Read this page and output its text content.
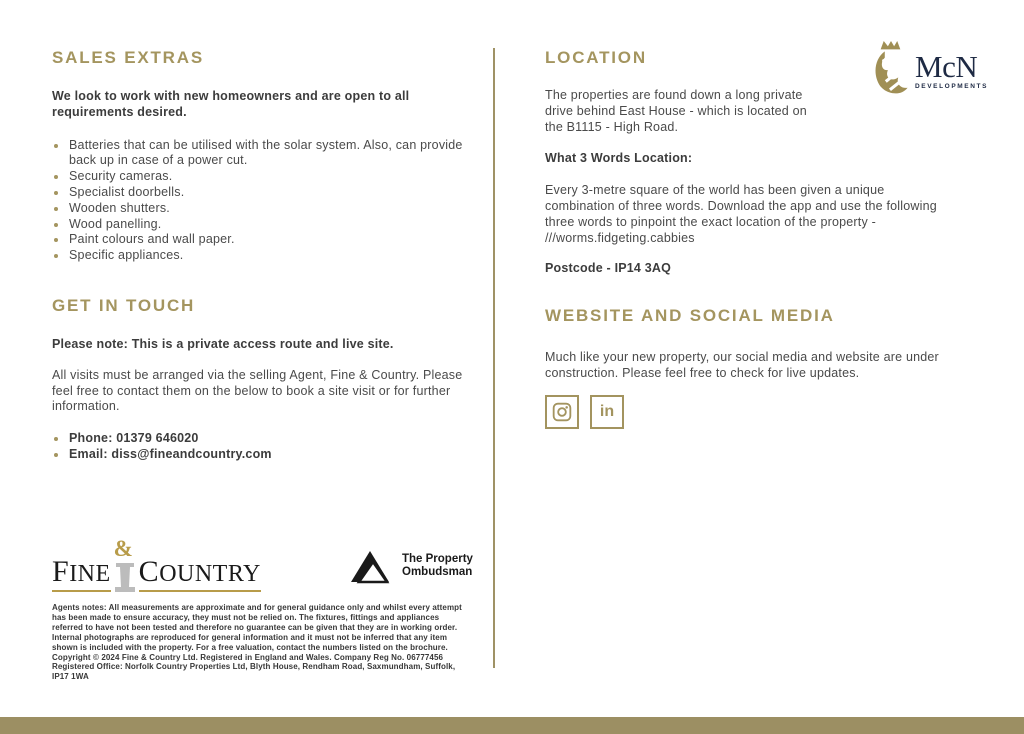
SALES EXTRAS

We look to work with new homeowners and are open to all requirements desired.

Batteries that can be utilised with the solar system. Also, can provide back up in case of a power cut.
Security cameras.
Specialist doorbells.
Wooden shutters.
Wood panelling.
Paint colours and wall paper.
Specific appliances.
GET IN TOUCH

Please note: This is a private access route and live site.

All visits must be arranged via the selling Agent, Fine & Country. Please feel free to contact them on the below to book a site visit or for further information.

Phone: 01379 646020
Email: diss@fineandcountry.com
LOCATION

The properties are found down a long private drive behind East House - which is located on the B1115 - High Road.

What 3 Words Location:

Every 3-metre square of the world has been given a unique combination of three words. Download the app and use the following three words to pinpoint the exact location of the property - ///worms.fidgeting.cabbies

Postcode - IP14 3AQ

WEBSITE AND SOCIAL MEDIA

Much like your new property, our social media and website are under construction. Please feel free to check for live updates.

in
McN
DEVELOPMENTS
FINE
&
COUNTRY
The Property
Ombudsman

Agents notes: All measurements are approximate and for general guidance only and whilst every attempt has been made to ensure accuracy, they must not be relied on. The fixtures, fittings and appliances referred to have not been tested and therefore no guarantee can be given that they are in working order. Internal photographs are reproduced for general information and it must not be inferred that any item shown is included with the property. For a free valuation, contact the numbers listed on the brochure. Copyright © 2024 Fine & Country Ltd. Registered in England and Wales. Company Reg No. 06777456 Registered Office: Norfolk Country Properties Ltd, Blyth House, Rendham Road, Saxmundham, Suffolk, IP17 1WA
